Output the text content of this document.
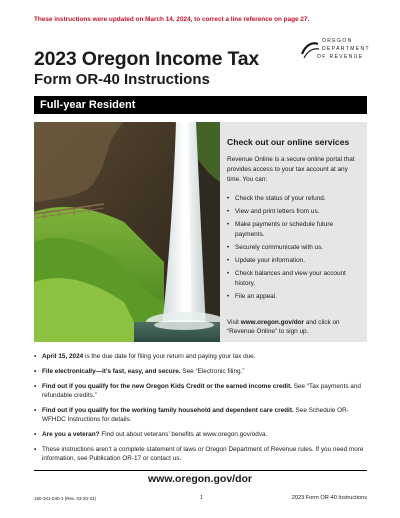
These instructions were updated on March 14, 2024, to correct a line reference on page 27.
2023 Oregon Income Tax
Form OR-40 Instructions
OREGON
DEPARTMENT
OF REVENUE
Full-year Resident
Check out our online services
Revenue Online is a secure online portal that provides access to your tax account at any time. You can:
• Check the status of your refund.
• View and print letters from us.
• Make payments or schedule future payments.
• Securely communicate with us.
• Update your information.
• Check balances and view your account history.
• File an appeal.
Visit www.oregon.gov/dor and click on “Revenue Online” to sign up.
• April 15, 2024 is the due date for filing your return and paying your tax due.
• File electronically—it’s fast, easy, and secure. See “Electronic filing.”
• Find out if you qualify for the new Oregon Kids Credit or the earned income credit. See “Tax payments and refundable credits.”
• Find out if you qualify for the working family household and dependent care credit. See Schedule OR-WFHDC Instructions for details.
• Are you a veteran? Find out about veterans’ benefits at www.oregon.gov/odva.
• These instructions aren’t a complete statement of laws or Oregon Department of Revenue rules. If you need more information, see Publication OR-17 or contact us.
www.oregon.gov/dor
150-101-040-1 (Rev. 03-20-24)	1	2023 Form OR-40 Instructions
